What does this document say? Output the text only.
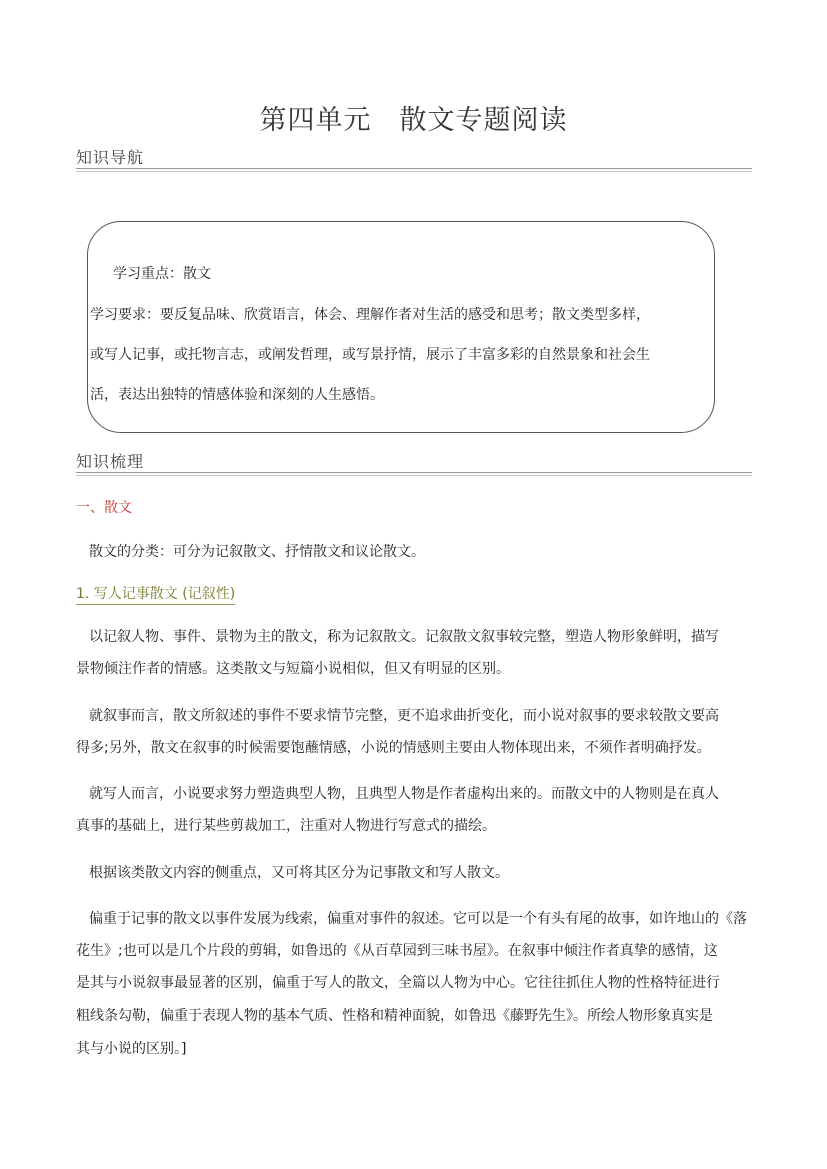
第四单元　散文专题阅读
知识导航
学习重点：散文
学习要求：要反复品味、欣赏语言，体会、理解作者对生活的感受和思考；散文类型多样，
或写人记事，或托物言志，或阐发哲理，或写景抒情，展示了丰富多彩的自然景象和社会生
活，表达出独特的情感体验和深刻的人生感悟。
知识梳理
一、散文
散文的分类：可分为记叙散文、抒情散文和议论散文。
1. 写人记事散文 (记叙性)
以记叙人物、事件、景物为主的散文，称为记叙散文。记叙散文叙事较完整，塑造人物形象鲜明，描写
景物倾注作者的情感。这类散文与短篇小说相似，但又有明显的区别。
就叙事而言，散文所叙述的事件不要求情节完整，更不追求曲折变化，而小说对叙事的要求较散文要高
得多;另外，散文在叙事的时候需要饱蘸情感，小说的情感则主要由人物体现出来，不须作者明确抒发。
就写人而言，小说要求努力塑造典型人物，且典型人物是作者虚构出来的。而散文中的人物则是在真人
真事的基础上，进行某些剪裁加工，注重对人物进行写意式的描绘。
根据该类散文内容的侧重点，又可将其区分为记事散文和写人散文。
偏重于记事的散文以事件发展为线索，偏重对事件的叙述。它可以是一个有头有尾的故事，如许地山的《落
花生》;也可以是几个片段的剪辑，如鲁迅的《从百草园到三味书屋》。在叙事中倾注作者真挚的感情，这
是其与小说叙事最显著的区别，偏重于写人的散文，全篇以人物为中心。它往往抓住人物的性格特征进行
粗线条勾勒，偏重于表现人物的基本气质、性格和精神面貌，如鲁迅《藤野先生》。所绘人物形象真实是
其与小说的区别。]
